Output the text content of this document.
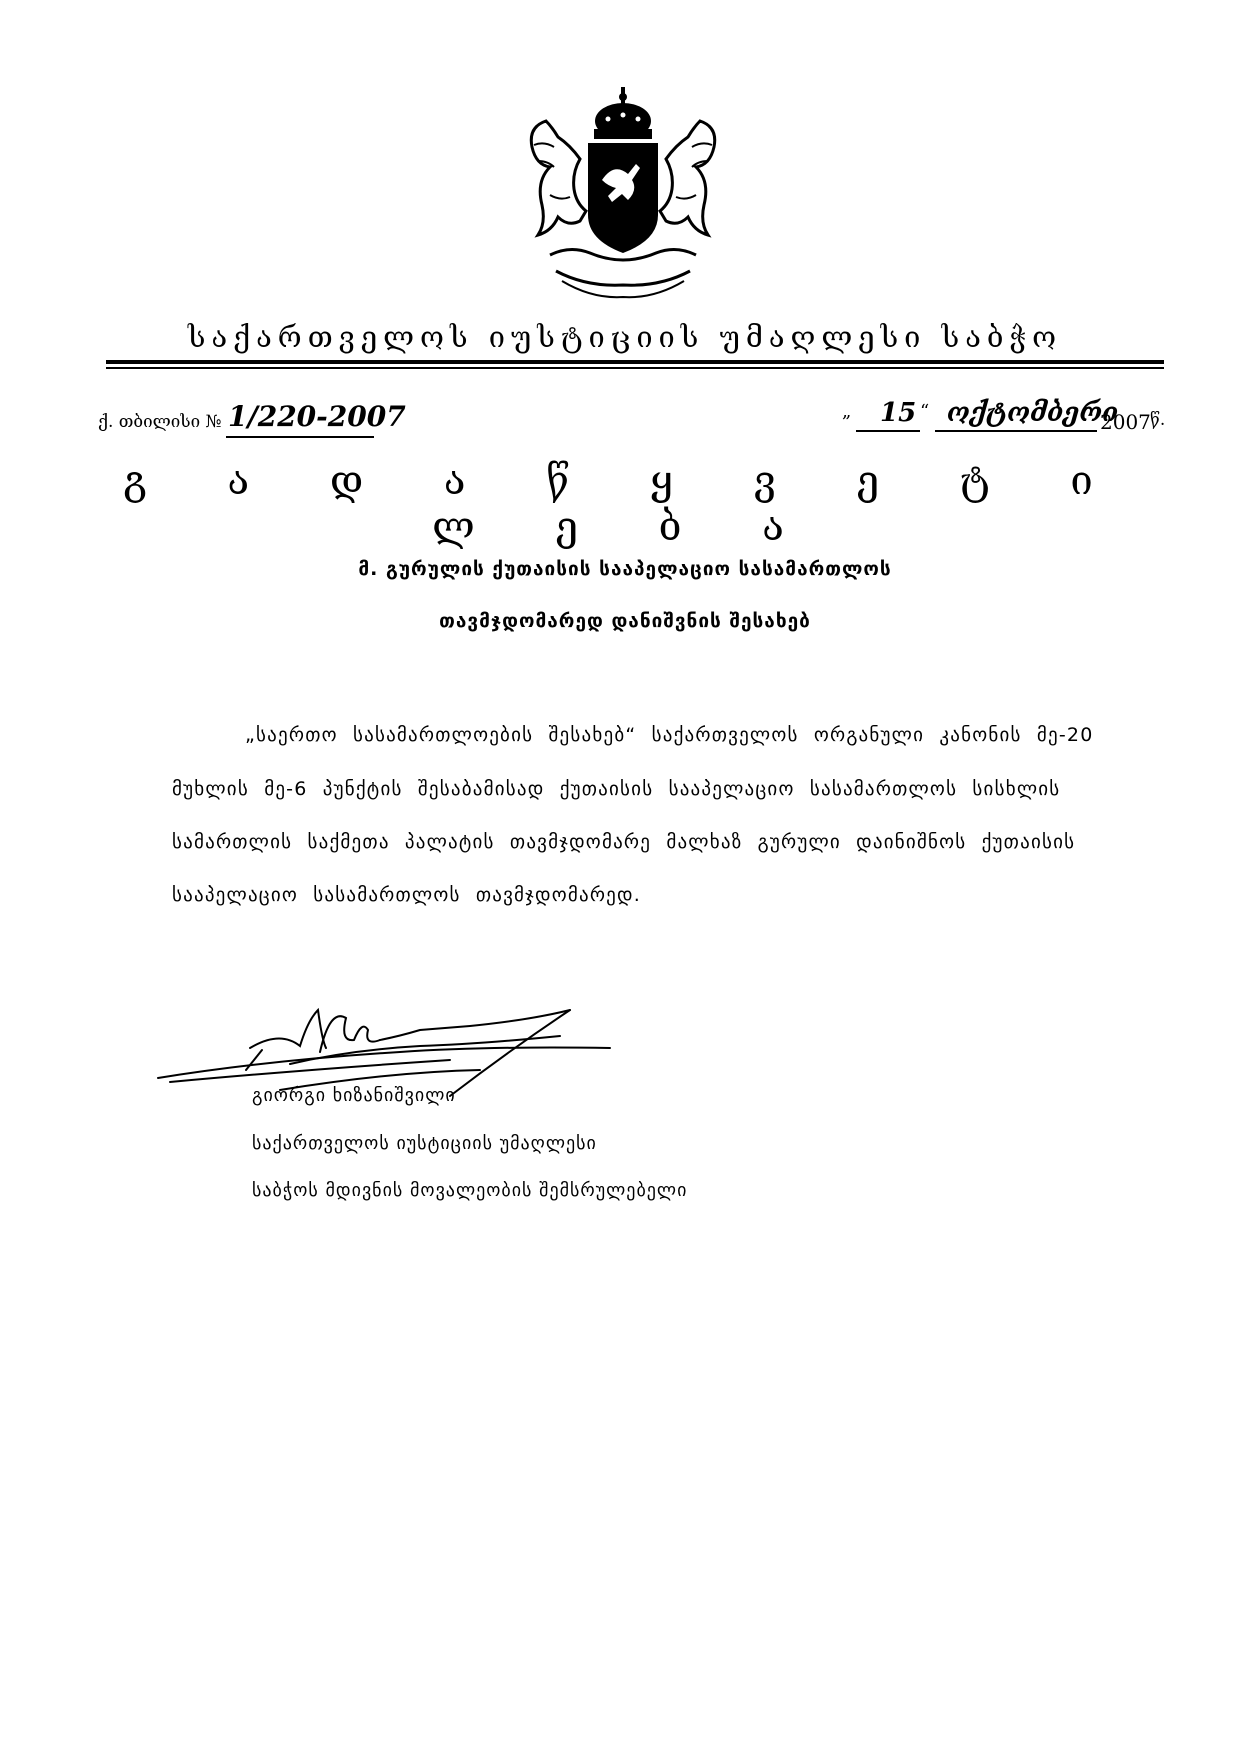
საქართველოს იუსტიციის უმაღლესი საბჭო
ქ. თბილისი № 1/220-2007	„ 15 “ ოქტომბერი
2007 წ.
გ ა დ ა წ ყ ვ ე ტ ი ლ ე ბ ა
მ. გურულის ქუთაისის სააპელაციო სასამართლოს
თავმჯდომარედ დანიშვნის შესახებ
„საერთო სასამართლოების შესახებ“ საქართველოს ორგანული კანონის მე-20
მუხლის მე-6 პუნქტის შესაბამისად ქუთაისის სააპელაციო სასამართლოს სისხლის
სამართლის საქმეთა პალატის თავმჯდომარე მალხაზ გურული დაინიშნოს ქუთაისის
სააპელაციო სასამართლოს თავმჯდომარედ.
გიორგი ხიზანიშვილი
საქართველოს იუსტიციის უმაღლესი
საბჭოს მდივნის მოვალეობის შემსრულებელი
